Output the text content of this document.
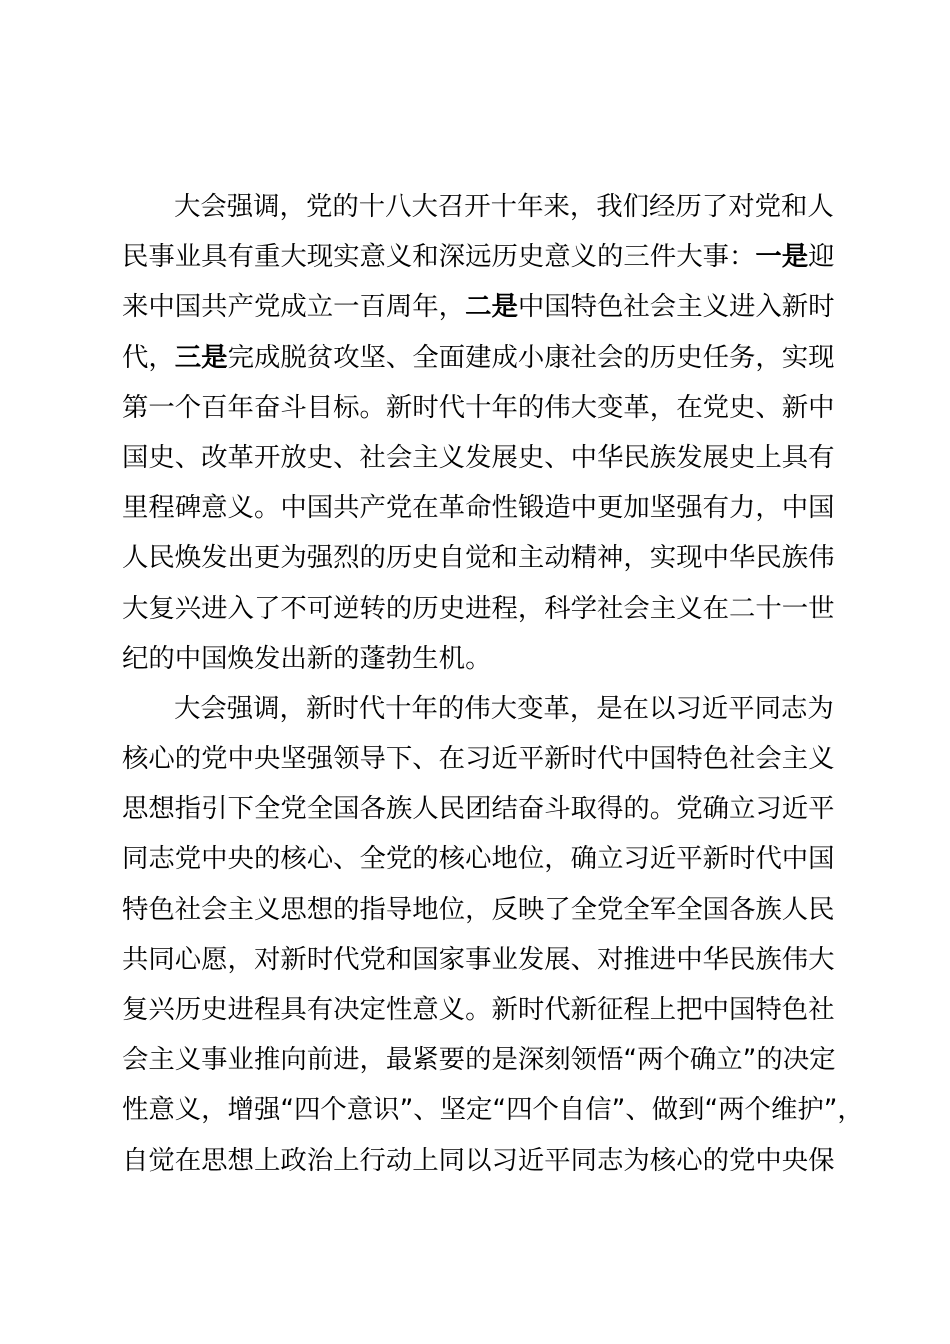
大会强调，党的十八大召开十年来，我们经历了对党和人
民事业具有重大现实意义和深远历史意义的三件大事：一是迎
来中国共产党成立一百周年，二是中国特色社会主义进入新时
代，三是完成脱贫攻坚、全面建成小康社会的历史任务，实现
第一个百年奋斗目标。新时代十年的伟大变革，在党史、新中
国史、改革开放史、社会主义发展史、中华民族发展史上具有
里程碑意义。中国共产党在革命性锻造中更加坚强有力，中国
人民焕发出更为强烈的历史自觉和主动精神，实现中华民族伟
大复兴进入了不可逆转的历史进程，科学社会主义在二十一世
纪的中国焕发出新的蓬勃生机。
大会强调，新时代十年的伟大变革，是在以习近平同志为
核心的党中央坚强领导下、在习近平新时代中国特色社会主义
思想指引下全党全国各族人民团结奋斗取得的。党确立习近平
同志党中央的核心、全党的核心地位，确立习近平新时代中国
特色社会主义思想的指导地位，反映了全党全军全国各族人民
共同心愿，对新时代党和国家事业发展、对推进中华民族伟大
复兴历史进程具有决定性意义。新时代新征程上把中国特色社
会主义事业推向前进，最紧要的是深刻领悟“两个确立”的决定
性意义，增强“四个意识”、坚定“四个自信”、做到“两个维护”，
自觉在思想上政治上行动上同以习近平同志为核心的党中央保
